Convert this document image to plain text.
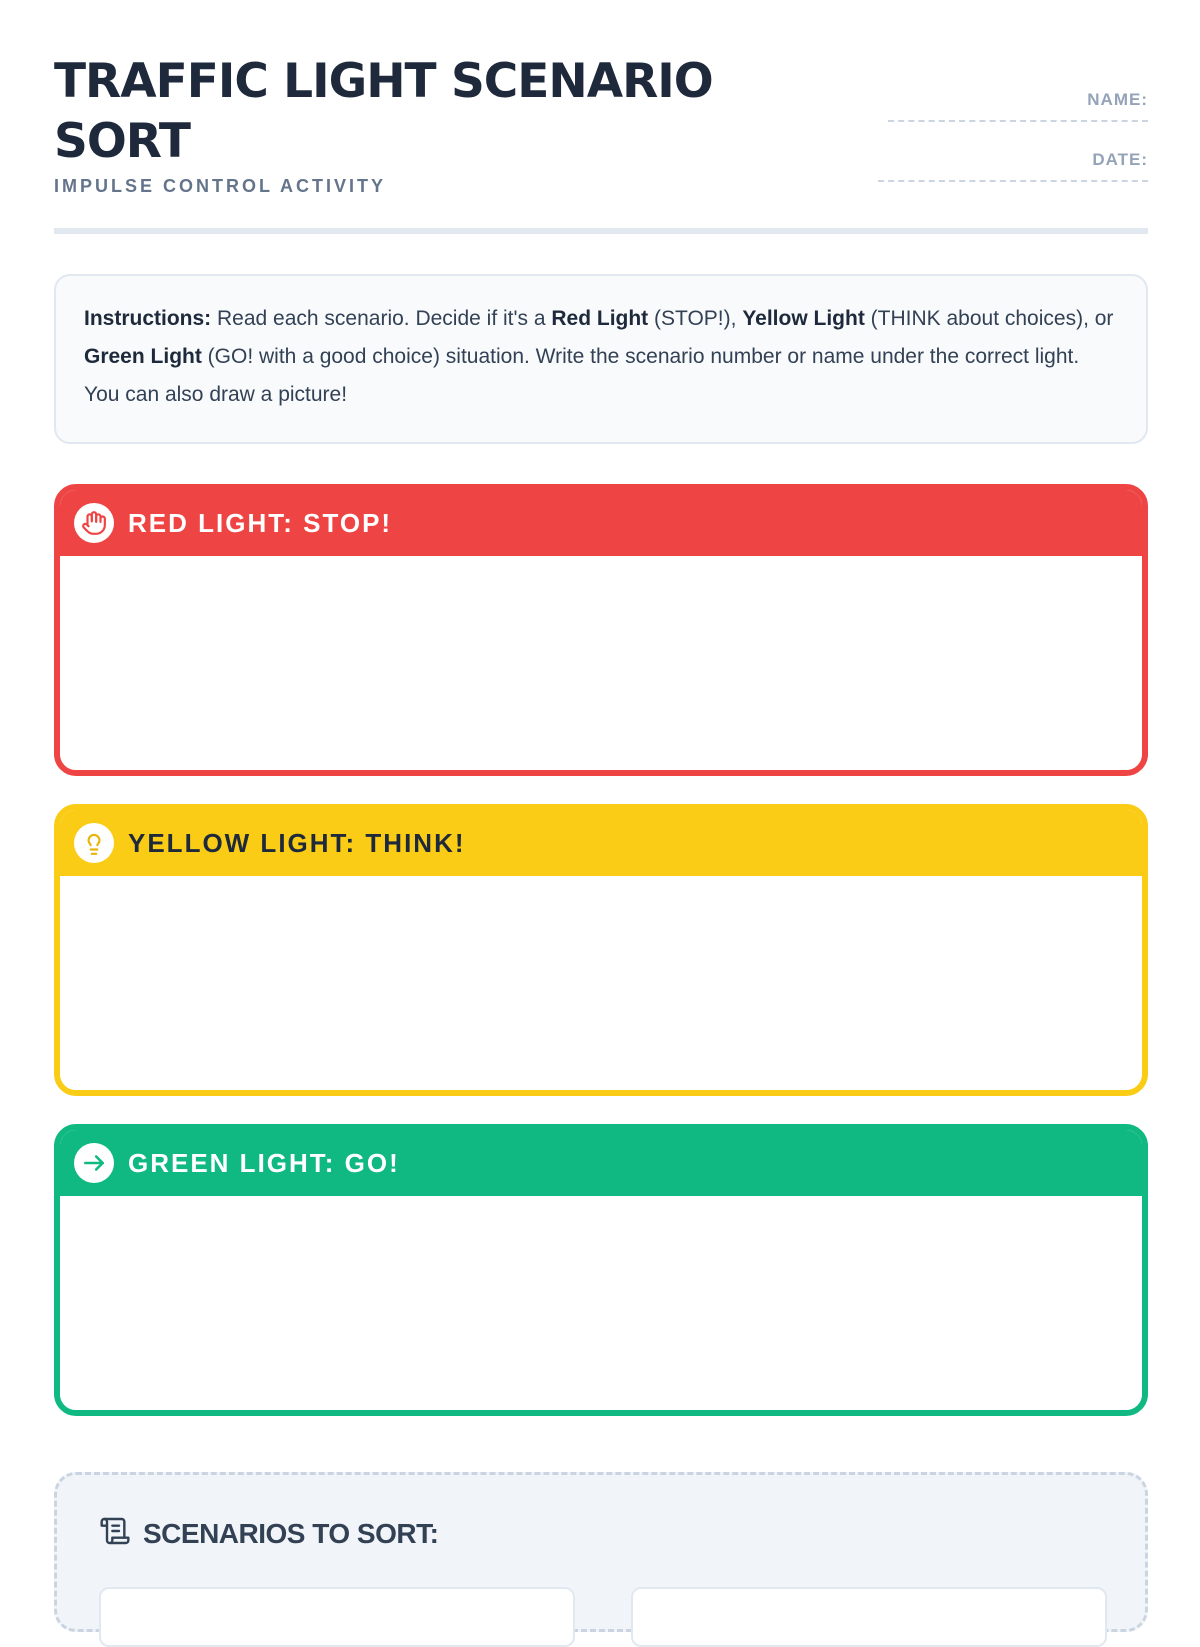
TRAFFIC LIGHT SCENARIO SORT
IMPULSE CONTROL ACTIVITY
NAME:
DATE:
Instructions: Read each scenario. Decide if it's a Red Light (STOP!), Yellow Light (THINK about choices), or Green Light (GO! with a good choice) situation. Write the scenario number or name under the correct light. You can also draw a picture!
RED LIGHT: STOP!
YELLOW LIGHT: THINK!
GREEN LIGHT: GO!
SCENARIOS TO SORT:
